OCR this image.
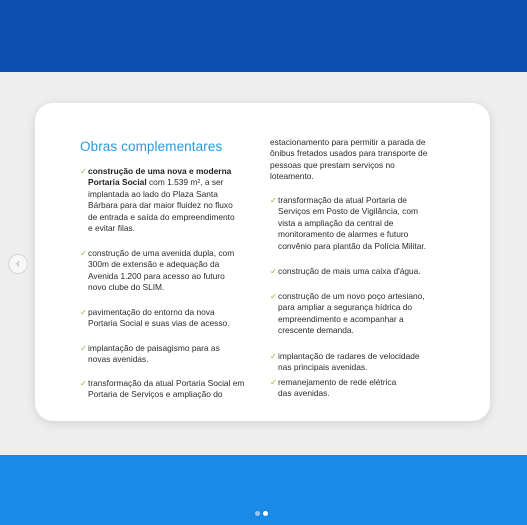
Obras complementares
✓ construção de uma nova e moderna
Portaria Social com 1.539 m², a ser
implantada ao lado do Plaza Santa
Bárbara para dar maior fluidez no fluxo
de entrada e saída do empreendimento
e evitar filas.
✓ construção de uma avenida dupla, com
300m de extensão e adequação da
Avenida 1.200 para acesso ao futuro
novo clube do SLIM.
✓ pavimentação do entorno da nova
Portaria Social e suas vias de acesso.
✓ implantação de paisagismo para as
novas avenidas.
✓ transformação da atual Portaria Social em
Portaria de Serviços e ampliação do
estacionamento para permitir a parada de
ônibus fretados usados para transporte de
pessoas que prestam serviços no
loteamento.
✓ transformação da atual Portaria de
Serviços em Posto de Vigilância, com
vista a ampliação da central de
monitoramento de alarmes e futuro
convênio para plantão da Polícia Militar.
✓ construção de mais uma caixa d'água.
✓ construção de um novo poço artesiano,
para ampliar a segurança hídrica do
empreendimento e acompanhar a
crescente demanda.
✓ implantação de radares de velocidade
nas principais avenidas.
✓ remanejamento de rede elétrica
das avenidas.
‹
